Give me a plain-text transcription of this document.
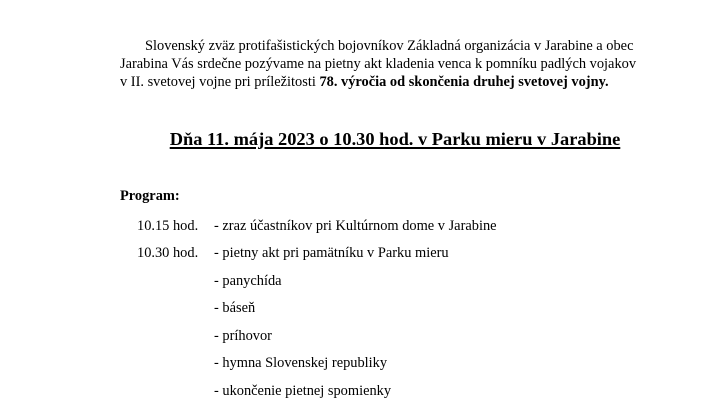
Slovenský zväz protifašistických bojovníkov Základná organizácia v Jarabine a obec
Jarabina Vás srdečne pozývame na pietny akt kladenia venca k pomníku padlých vojakov
v II. svetovej vojne pri príležitosti 78. výročia od skončenia druhej svetovej vojny.
Dňa 11. mája 2023 o 10.30 hod. v Parku mieru v Jarabine
Program:
10.15 hod. - zraz účastníkov pri Kultúrnom dome v Jarabine
10.30 hod. - pietny akt pri pamätníku v Parku mieru
- panychída
- báseň
- príhovor
- hymna Slovenskej republiky
- ukončenie pietnej spomienky
